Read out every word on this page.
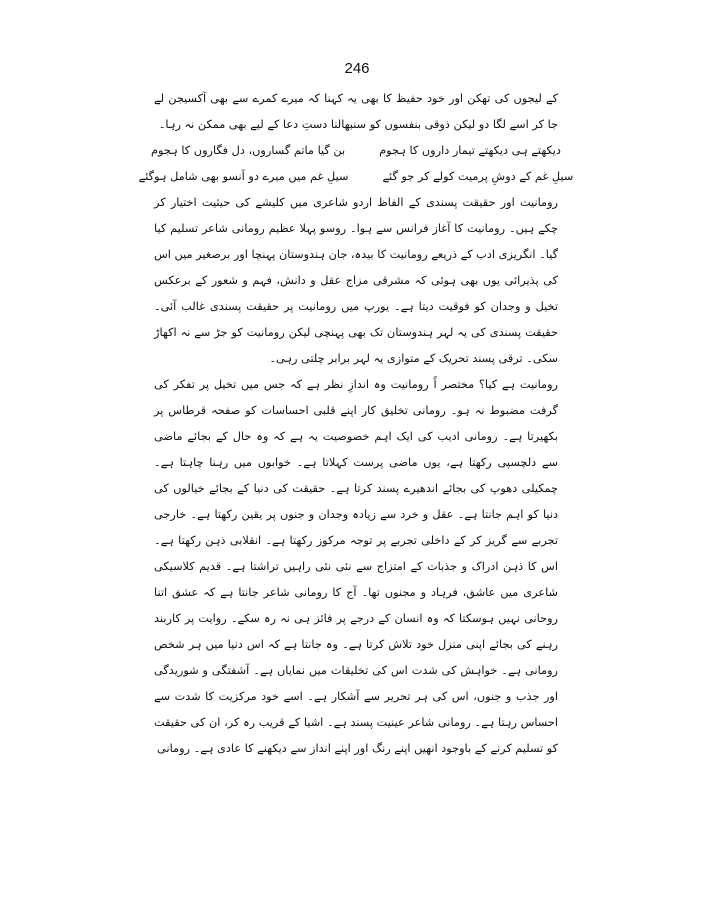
246

کے لیجوں کی تھکن اور خود حفیظ کا بھی یہ کہنا کہ میرے کمرے سے بھی آکسیجن لے جا کر اسے لگا دو لیکن ذوقی بنفسوں کو سنبھالنا دستِ دعا کے لیے بھی ممکن نہ رہا۔

دیکھتے ہی دیکھتے تیمار داروں کا ہجوم
بن گیا ماتم گساروں، دل فگاروں کا ہجوم
سیلِ غم کے دوشِ پرمیت کولے کر جو گئے
سیلِ غم میں میرے دو آنسو بھی شامل ہوگئے

رومانیت اور حقیقت پسندی کے الفاظ اردو شاعری میں کلیشے کی حیثیت اختیار کر چکے ہیں۔ رومانیت کا آغاز فرانس سے ہوا۔ روسو پہلا عظیم رومانی شاعر تسلیم کیا گیا۔ انگریزی ادب کے ذریعے رومانیت کا بیدہ، جان ہندوستان پہنچا اور برصغیر میں اس کی پذیرائی یوں بھی ہوئی کہ مشرقی مزاج عقل و دانش، فہم و شعور کے برعکس تخیل و وجدان کو فوقیت دیتا ہے۔ یورپ میں رومانیت پر حقیقت پسندی غالب آئی۔ حقیقت پسندی کی یہ لہر ہندوستان تک بھی پہنچی لیکن رومانیت کو جڑ سے نہ اکھاڑ سکی۔ ترقی پسند تحریک کے متوازی یہ لہر برابر چلتی رہی۔

رومانیت ہے کیا؟ مختصر اً رومانیت وہ اندازِ نظر ہے کہ جس میں تخیل پر تفکر کی گرفت مضبوط نہ ہو۔ رومانی تخلیق کار اپنے قلبی احساسات کو صفحہ قرطاس پر بکھیرتا ہے۔ رومانی ادیب کی ایک اہم خصوصیت یہ ہے کہ وہ حال کے بجائے ماضی سے دلچسپی رکھتا ہے، یوں ماضی پرست کہلاتا ہے۔ خوابوں میں رہنا چاہتا ہے۔ چمکیلی دھوپ کی بجائے اندھیرے پسند کرتا ہے۔ حقیقت کی دنیا کے بجائے خیالوں کی دنیا کو اہم جانتا ہے۔ عقل و خرد سے زیادہ وجدان و جنوں پر یقین رکھتا ہے۔ خارجی تجربے سے گریز کر کے داخلی تجربے پر توجہ مرکوز رکھتا ہے۔ انقلابی ذہن رکھتا ہے۔ اس کا ذہن ادراک و جذبات کے امتزاج سے نئی نئی راہیں تراشتا ہے۔ قدیم کلاسیکی شاعری میں عاشق، فرہاد و مجنوں تھا۔ آج کا رومانی شاعر جانتا ہے کہ عشق اتنا روحانی نہیں ہوسکتا کہ وہ انسان کے درجے پر فائز ہی نہ رہ سکے۔ روایت پر کاربند رہنے کی بجائے اپنی منزل خود تلاش کرتا ہے۔ وہ جانتا ہے کہ اس دنیا میں ہر شخص رومانی ہے۔ خواہش کی شدت اس کی تخلیقات میں نمایاں ہے۔ آشفتگی و شوریدگی اور جذب و جنوں، اس کی ہر تحریر سے آشکار ہے۔ اسے خود مرکزیت کا شدت سے احساس رہتا ہے۔ رومانی شاعر عینیت پسند ہے۔ اشیا کے قریب رہ کر، ان کی حقیقت کو تسلیم کرنے کے باوجود انھیں اپنے رنگ اور اپنے انداز سے دیکھنے کا عادی ہے۔ رومانی
